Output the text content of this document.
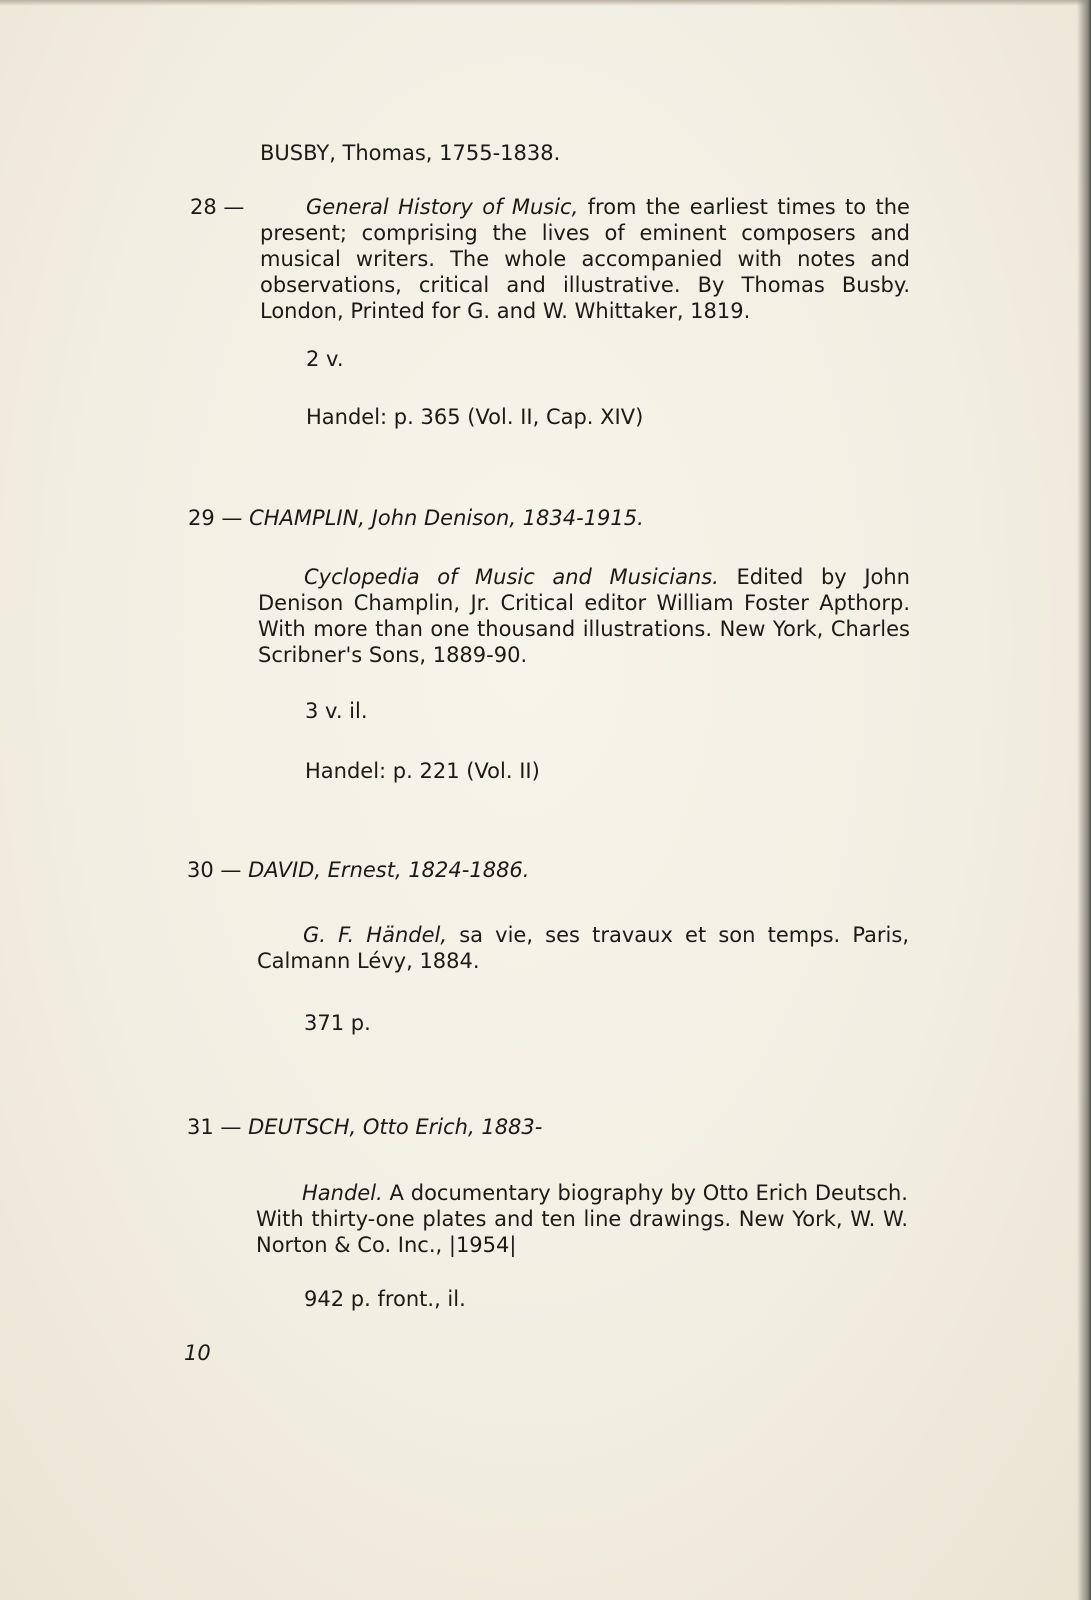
BUSBY, Thomas, 1755-1838.

28 —	General History of Music, from the earliest times to the present; comprising the lives of eminent composers and musical writers. The whole accompanied with notes and observations, critical and illustrative. By Thomas Busby. London, Printed for G. and W. Whittaker, 1819.

2 v.

Handel: p. 365 (Vol. II, Cap. XIV)

29 — CHAMPLIN, John Denison, 1834-1915.

Cyclopedia of Music and Musicians. Edited by John Denison Champlin, Jr. Critical editor William Foster Apthorp. With more than one thousand illustrations. New York, Charles Scribner's Sons, 1889-90.

3 v. il.

Handel: p. 221 (Vol. II)

30 — DAVID, Ernest, 1824-1886.

G. F. Händel, sa vie, ses travaux et son temps. Paris, Calmann Lévy, 1884.

371 p.

31 — DEUTSCH, Otto Erich, 1883-

Handel. A documentary biography by Otto Erich Deutsch. With thirty-one plates and ten line drawings. New York, W. W. Norton & Co. Inc., |1954|

942 p. front., il.

10
